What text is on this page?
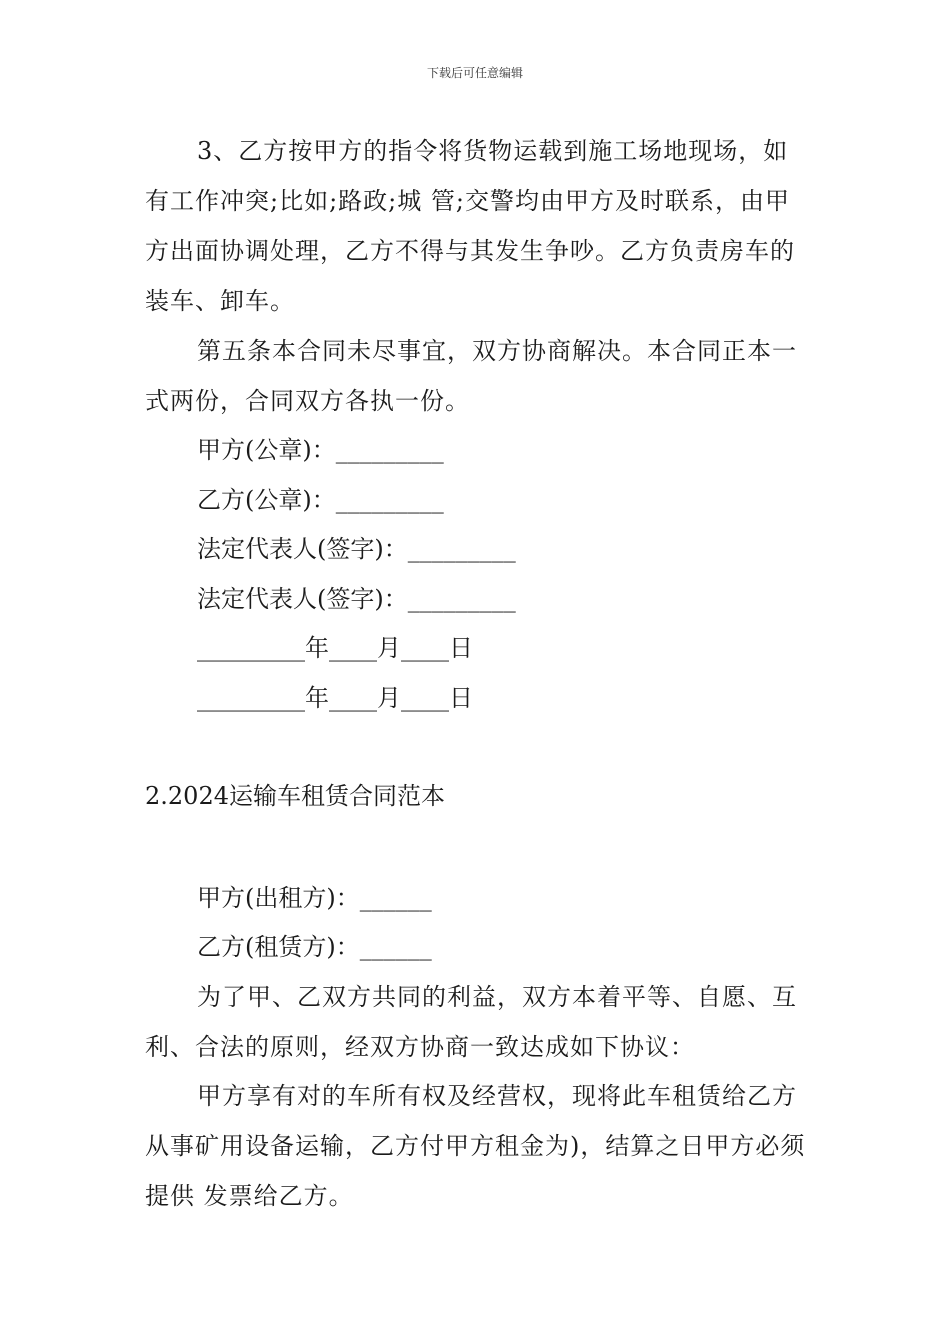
下载后可任意编辑
3、乙方按甲方的指令将货物运载到施工场地现场，如有工作冲突;比如;路政;城 管;交警均由甲方及时联系，由甲方出面协调处理，乙方不得与其发生争吵。乙方负责房车的装车、卸车。
第五条本合同未尽事宜，双方协商解决。本合同正本一式两份，合同双方各执一份。
甲方(公章)：_________
乙方(公章)：_________
法定代表人(签字)：_________
法定代表人(签字)：_________
_________年____月____日
_________年____月____日
2.2024运输车租赁合同范本
甲方(出租方)：______
乙方(租赁方)：______
为了甲、乙双方共同的利益，双方本着平等、自愿、互利、合法的原则，经双方协商一致达成如下协议：
甲方享有对的车所有权及经营权，现将此车租赁给乙方从事矿用设备运输，乙方付甲方租金为)，结算之日甲方必须提供 发票给乙方。
